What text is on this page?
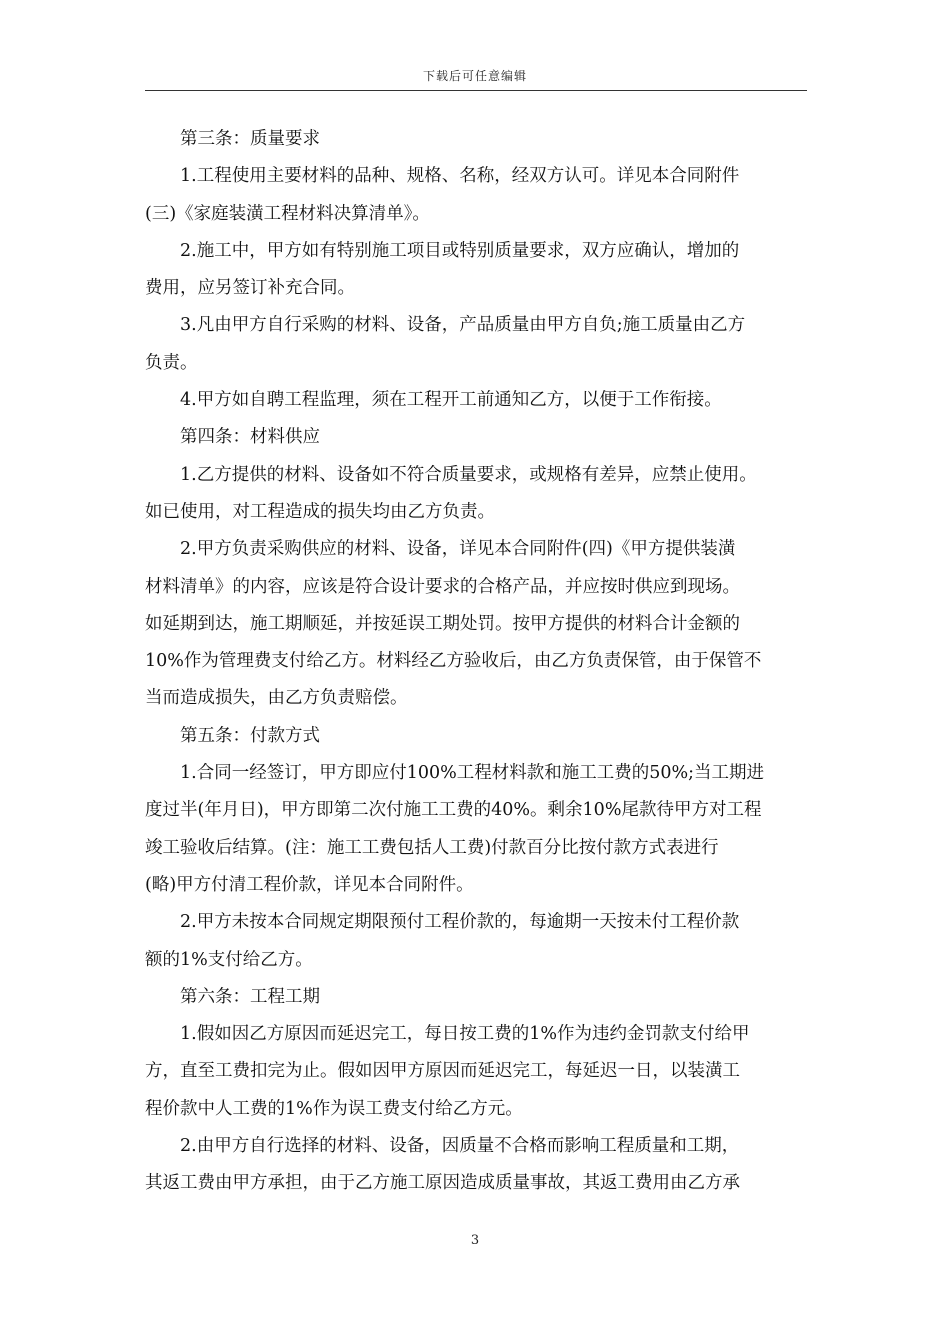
下载后可任意编辑
第三条：质量要求
1.工程使用主要材料的品种、规格、名称，经双方认可。详见本合同附件
(三)《家庭装潢工程材料决算清单》。
2.施工中，甲方如有特别施工项目或特别质量要求，双方应确认，增加的
费用，应另签订补充合同。
3.凡由甲方自行采购的材料、设备，产品质量由甲方自负;施工质量由乙方
负责。
4.甲方如自聘工程监理，须在工程开工前通知乙方，以便于工作衔接。
第四条：材料供应
1.乙方提供的材料、设备如不符合质量要求，或规格有差异，应禁止使用。
如已使用，对工程造成的损失均由乙方负责。
2.甲方负责采购供应的材料、设备，详见本合同附件(四)《甲方提供装潢
材料清单》的内容，应该是符合设计要求的合格产品，并应按时供应到现场。
如延期到达，施工期顺延，并按延误工期处罚。按甲方提供的材料合计金额的
10%作为管理费支付给乙方。材料经乙方验收后，由乙方负责保管，由于保管不
当而造成损失，由乙方负责赔偿。
第五条：付款方式
1.合同一经签订，甲方即应付100%工程材料款和施工工费的50%;当工期进
度过半(年月日)，甲方即第二次付施工工费的40%。剩余10%尾款待甲方对工程
竣工验收后结算。(注：施工工费包括人工费)付款百分比按付款方式表进行
(略)甲方付清工程价款，详见本合同附件。
2.甲方未按本合同规定期限预付工程价款的，每逾期一天按未付工程价款
额的1%支付给乙方。
第六条：工程工期
1.假如因乙方原因而延迟完工，每日按工费的1%作为违约金罚款支付给甲
方，直至工费扣完为止。假如因甲方原因而延迟完工，每延迟一日，以装潢工
程价款中人工费的1%作为误工费支付给乙方元。
2.由甲方自行选择的材料、设备，因质量不合格而影响工程质量和工期，
其返工费由甲方承担，由于乙方施工原因造成质量事故，其返工费用由乙方承
3
